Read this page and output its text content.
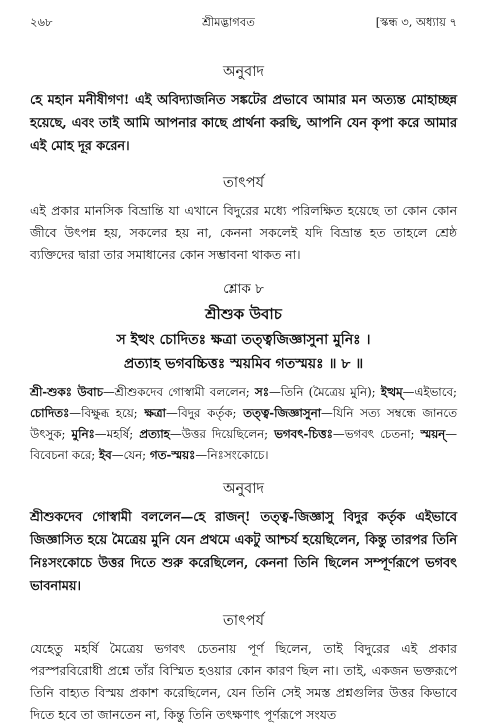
২৬৮	শ্রীমদ্ভাগবত	[স্কন্ধ ৩, অধ্যায় ৭
অনুবাদ

হে মহান মনীষীগণ! এই অবিদ্যাজনিত সঙ্কটের প্রভাবে আমার মন অত্যন্ত মোহাচ্ছন্ন হয়েছে, এবং তাই আমি আপনার কাছে প্রার্থনা করছি, আপনি যেন কৃপা করে আমার এই মোহ দূর করেন।

তাৎপর্য

এই প্রকার মানসিক বিভ্রান্তি যা এখানে বিদুরের মধ্যে পরিলক্ষিত হয়েছে তা কোন কোন জীবে উৎপন্ন হয়, সকলের হয় না, কেননা সকলেই যদি বিভ্রান্ত হত তাহলে শ্রেষ্ঠ ব্যক্তিদের দ্বারা তার সমাধানের কোন সম্ভাবনা থাকত না।

শ্লোক ৮
শ্রীশুক উবাচ
স ইত্থং চোদিতঃ ক্ষত্রা তত্ত্বজিজ্ঞাসুনা মুনিঃ ।
প্রত্যাহ ভগবচ্চিত্তঃ স্ময়মিব গতস্ময়ঃ ॥ ৮ ॥

শ্রী-শুকঃ উবাচ—শ্রীশুকদেব গোস্বামী বললেন; সঃ—তিনি (মৈত্রেয় মুনি); ইত্থম্—এইভাবে; চোদিতঃ—বিক্ষুব্ধ হয়ে; ক্ষত্রা—বিদুর কর্তৃক; তত্ত্ব-জিজ্ঞাসুনা—যিনি সত্য সম্বন্ধে জানতে উৎসুক; মুনিঃ—মহর্ষি; প্রত্যাহ—উত্তর দিয়েছিলেন; ভগবৎ-চিত্তঃ—ভগবৎ চেতনা; স্ময়ন্—বিবেচনা করে; ইব—যেন; গত-স্ময়ঃ—নিঃসংকোচে।

অনুবাদ

শ্রীশুকদেব গোস্বামী বললেন—হে রাজন্! তত্ত্ব-জিজ্ঞাসু বিদুর কর্তৃক এইভাবে জিজ্ঞাসিত হয়ে মৈত্রেয় মুনি যেন প্রথমে একটু আশ্চর্য হয়েছিলেন, কিন্তু তারপর তিনি নিঃসংকোচে উত্তর দিতে শুরু করেছিলেন, কেননা তিনি ছিলেন সম্পূর্ণরূপে ভগবৎ ভাবনাময়।

তাৎপর্য

যেহেতু মহর্ষি মৈত্রেয় ভগবৎ চেতনায় পূর্ণ ছিলেন, তাই বিদুরের এই প্রকার পরস্পরবিরোধী প্রশ্নে তাঁর বিস্মিত হওয়ার কোন কারণ ছিল না। তাই, একজন ভক্তরূপে তিনি বাহ্যত বিস্ময় প্রকাশ করেছিলেন, যেন তিনি সেই সমস্ত প্রশ্নগুলির উত্তর কিভাবে দিতে হবে তা জানতেন না, কিন্তু তিনি তৎক্ষণাৎ পূর্ণরূপে সংযত
